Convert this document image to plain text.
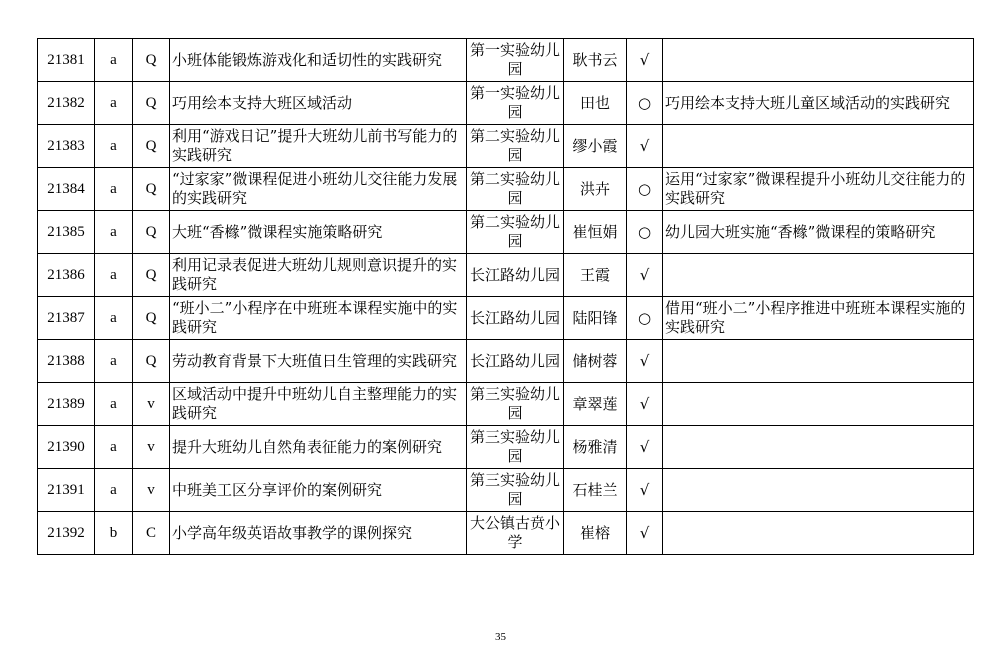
21381	a	Q	小班体能锻炼游戏化和适切性的实践研究	第一实验幼儿园	耿书云	√	
21382	a	Q	巧用绘本支持大班区域活动	第一实验幼儿园	田也	○	巧用绘本支持大班儿童区域活动的实践研究
21383	a	Q	利用“游戏日记”提升大班幼儿前书写能力的实践研究	第二实验幼儿园	缪小霞	√	
21384	a	Q	“过家家”微课程促进小班幼儿交往能力发展的实践研究	第二实验幼儿园	洪卉	○	运用“过家家”微课程提升小班幼儿交往能力的实践研究
21385	a	Q	大班“香橼”微课程实施策略研究	第二实验幼儿园	崔恒娟	○	幼儿园大班实施“香橼”微课程的策略研究
21386	a	Q	利用记录表促进大班幼儿规则意识提升的实践研究	长江路幼儿园	王霞	√	
21387	a	Q	“班小二”小程序在中班班本课程实施中的实践研究	长江路幼儿园	陆阳锋	○	借用“班小二”小程序推进中班班本课程实施的实践研究
21388	a	Q	劳动教育背景下大班值日生管理的实践研究	长江路幼儿园	储树蓉	√	
21389	a	v	区域活动中提升中班幼儿自主整理能力的实践研究	第三实验幼儿园	章翠莲	√	
21390	a	v	提升大班幼儿自然角表征能力的案例研究	第三实验幼儿园	杨雅清	√	
21391	a	v	中班美工区分享评价的案例研究	第三实验幼儿园	石桂兰	√	
21392	b	C	小学高年级英语故事教学的课例探究	大公镇古贲小学	崔榕	√	
35
